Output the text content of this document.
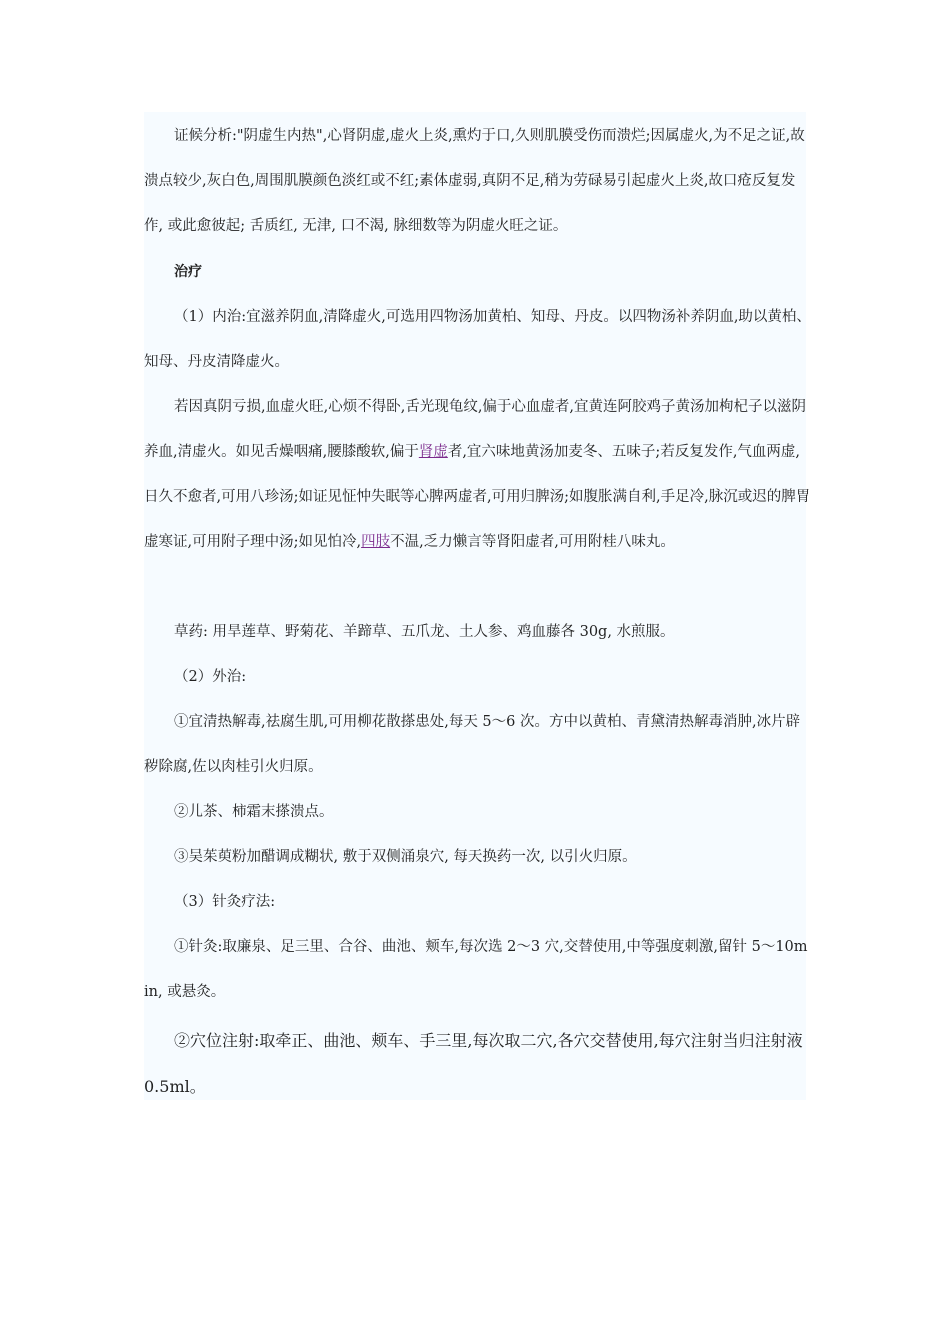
证候分析:"阴虚生内热",心肾阴虚,虚火上炎,熏灼于口,久则肌膜受伤而溃烂;因属虚火,为不足之证,故溃点较少,灰白色,周围肌膜颜色淡红或不红;素体虚弱,真阴不足,稍为劳碌易引起虚火上炎,故口疮反复发作, 或此愈彼起; 舌质红, 无津, 口不渴, 脉细数等为阴虚火旺之证。

治疗

（1）内治:宜滋养阴血,清降虚火,可选用四物汤加黄柏、知母、丹皮。以四物汤补养阴血,助以黄柏、知母、丹皮清降虚火。

若因真阴亏损,血虚火旺,心烦不得卧,舌光现龟纹,偏于心血虚者,宜黄连阿胶鸡子黄汤加枸杞子以滋阴养血,清虚火。如见舌燥咽痛,腰膝酸软,偏于肾虚者,宜六味地黄汤加麦冬、五味子;若反复发作,气血两虚,日久不愈者,可用八珍汤;如证见怔忡失眠等心脾两虚者,可用归脾汤;如腹胀满自利,手足冷,脉沉或迟的脾胃虚寒证,可用附子理中汤;如见怕冷,四肢不温,乏力懒言等肾阳虚者,可用附桂八味丸。

草药: 用旱莲草、野菊花、羊蹄草、五爪龙、土人参、鸡血藤各 30g, 水煎服。

（2）外治:

①宜清热解毒,祛腐生肌,可用柳花散搽患处,每天 5～6 次。方中以黄柏、青黛清热解毒消肿,冰片辟秽除腐,佐以肉桂引火归原。

②儿茶、柿霜末搽溃点。

③吴茱萸粉加醋调成糊状, 敷于双侧涌泉穴, 每天换药一次, 以引火归原。

（3）针灸疗法:

①针灸:取廉泉、足三里、合谷、曲池、颊车,每次选 2～3 穴,交替使用,中等强度刺激,留针 5～10min, 或悬灸。

②穴位注射:取牵正、曲池、颊车、手三里,每次取二穴,各穴交替使用,每穴注射当归注射液 0.5ml。
